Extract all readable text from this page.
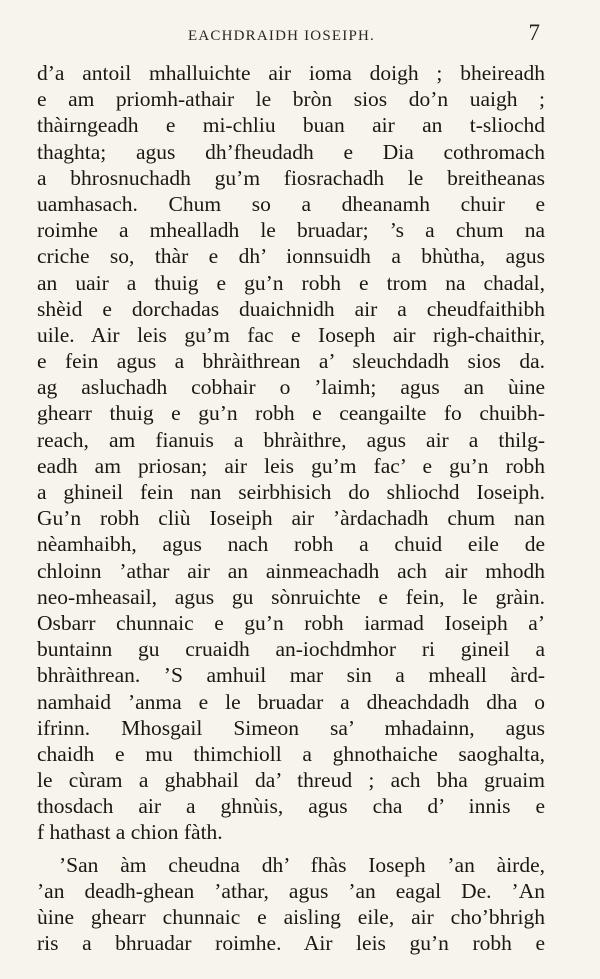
EACHDRAIDH IOSEIPH.	7
d’a antoil mhalluichte air ioma doigh ; bheireadh
e am priomh-athair le bròn sios do’n uaigh ;
thàirngeadh e mi-chliu buan air an t-sliochd
thaghta; agus dh’fheudadh e Dia cothromach
a bhrosnuchadh gu’m fiosrachadh le breitheanas
uamhasach. Chum so a dheanamh chuir e
roimhe a mhealladh le bruadar; ’s a chum na
criche so, thàr e dh’ ionnsuidh a bhùtha, agus
an uair a thuig e gu’n robh e trom na chadal,
shèid e dorchadas duaichnidh air a cheudfaithibh
uile. Air leis gu’m fac e Ioseph air righ-chaithir,
e fein agus a bhràithrean a’ sleuchdadh sios da.
ag asluchadh cobhair o ’laimh; agus an ùine
ghearr thuig e gu’n robh e ceangailte fo chuibh-
reach, am fianuis a bhràithre, agus air a thilg-
eadh am priosan; air leis gu’m fac’ e gu’n robh
a ghineil fein nan seirbhisich do shliochd Ioseiph.
Gu’n robh cliù Ioseiph air ’àrdachadh chum nan
nèamhaibh, agus nach robh a chuid eile de
chloinn ’athar air an ainmeachadh ach air mhodh
neo-mheasail, agus gu sònruichte e fein, le gràin.
Osbarr chunnaic e gu’n robh iarmad Ioseiph a’
buntainn gu cruaidh an-iochdmhor ri gineil a
bhràithrean. ’S amhuil mar sin a mheall àrd-
namhaid ’anma e le bruadar a dheachdadh dha o
ifrinn. Mhosgail Simeon sa’ mhadainn, agus
chaidh e mu thimchioll a ghnothaiche saoghalta,
le cùram a ghabhail da’ threud ; ach bha gruaim
thosdach air a ghnùis, agus cha d’ innis e
f hathast a chion fàth.
’San àm cheudna dh’ fhàs Ioseph ’an àirde,
’an deadh-ghean ’athar, agus ’an eagal De. ’An
ùine ghearr chunnaic e aisling eile, air cho’bhrigh
ris a bhruadar roimhe. Air leis gu’n robh e
